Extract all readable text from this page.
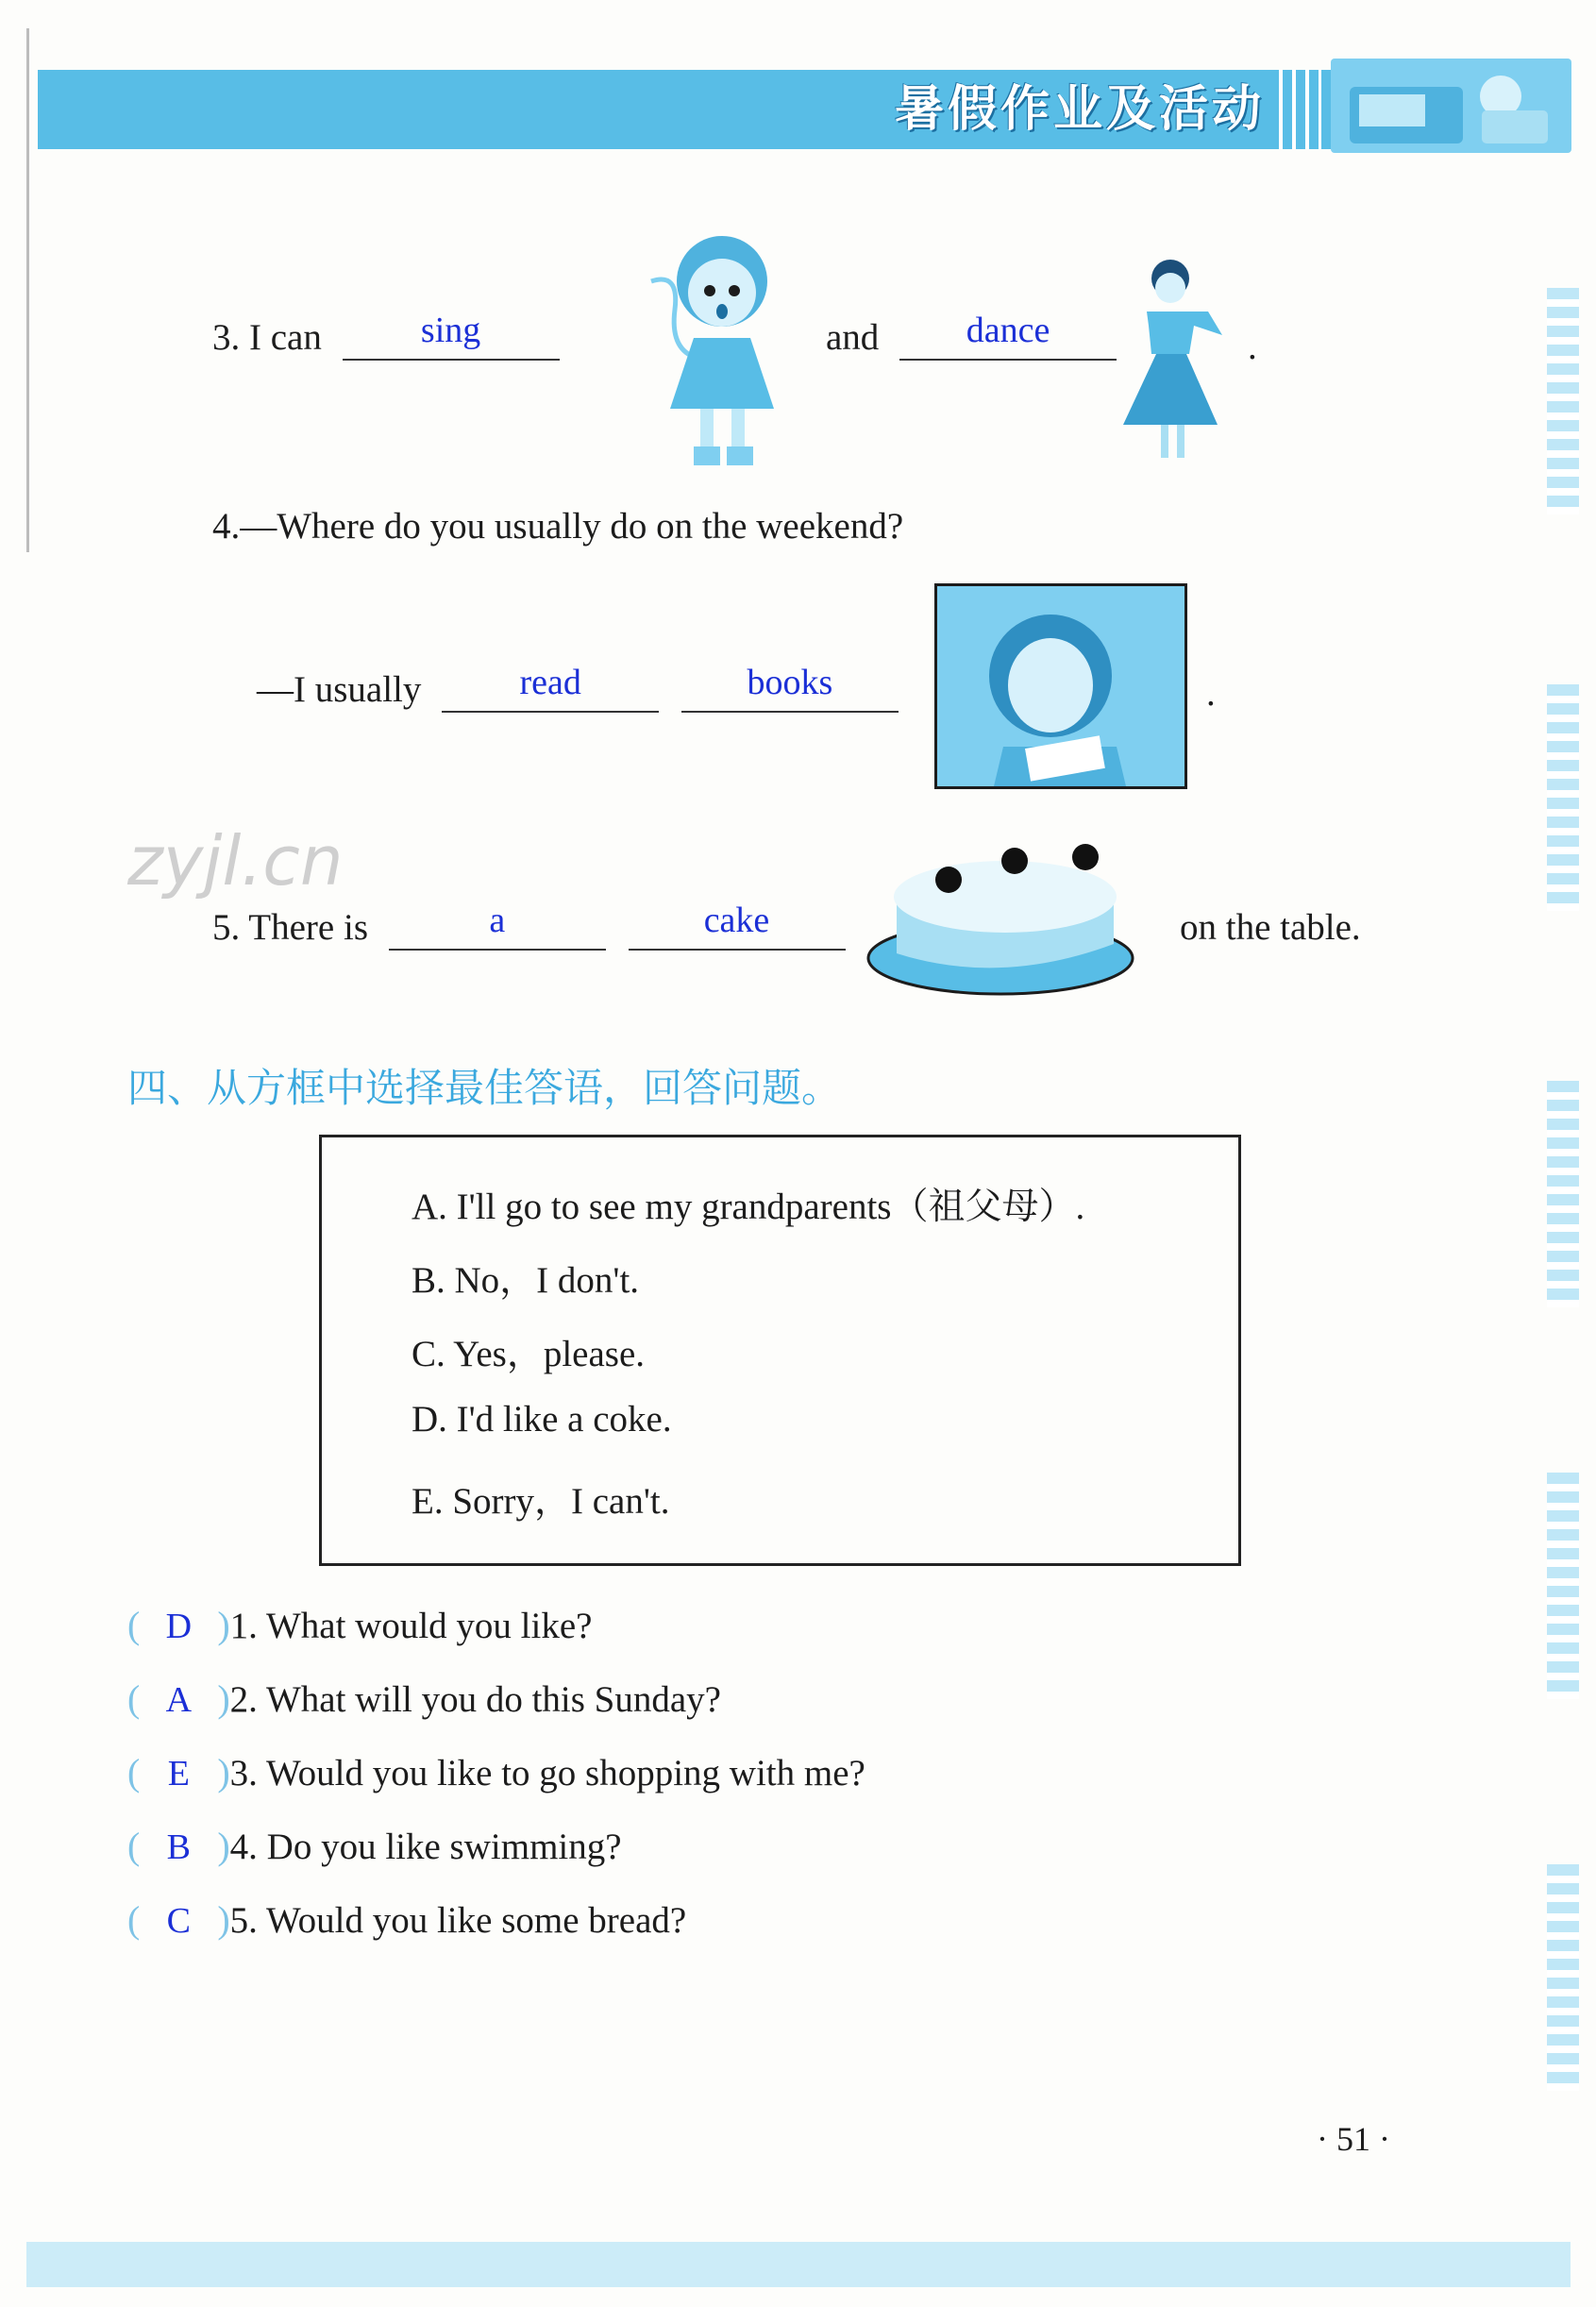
暑假作业及活动
3. I can	sing	and dance	.
4.—Where do you usually do on the weekend?
—I usually	read	books	.
zyjl.cn
5. There is	a	cake	on the table.
四、从方框中选择最佳答语，回答问题。
A. I'll go to see my grandparents（祖父母）.
B. No，I don't.
C. Yes，please.
D. I'd like a coke.
E. Sorry，I can't.
( D )1. What would you like?
( A )2. What will you do this Sunday?
( E )3. Would you like to go shopping with me?
( B )4. Do you like swimming?
( C )5. Would you like some bread?
· 51 ·
